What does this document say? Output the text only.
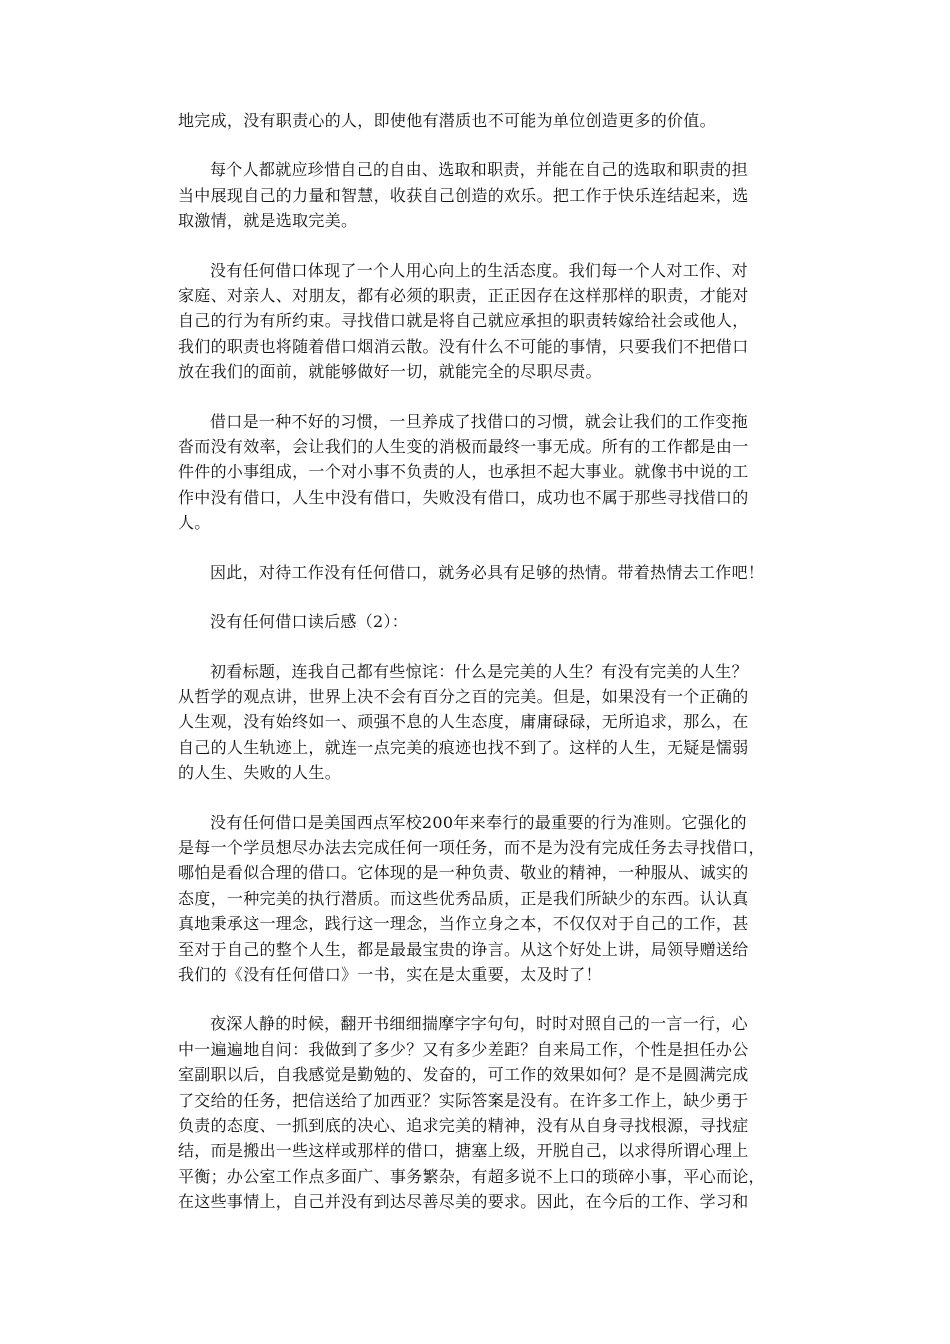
地完成，没有职责心的人，即使他有潜质也不可能为单位创造更多的价值。
每个人都就应珍惜自己的自由、选取和职责，并能在自己的选取和职责的担
当中展现自己的力量和智慧，收获自己创造的欢乐。把工作于快乐连结起来，选
取激情，就是选取完美。
没有任何借口体现了一个人用心向上的生活态度。我们每一个人对工作、对
家庭、对亲人、对朋友，都有必须的职责，正正因存在这样那样的职责，才能对
自己的行为有所约束。寻找借口就是将自己就应承担的职责转嫁给社会或他人，
我们的职责也将随着借口烟消云散。没有什么不可能的事情，只要我们不把借口
放在我们的面前，就能够做好一切，就能完全的尽职尽责。
借口是一种不好的习惯，一旦养成了找借口的习惯，就会让我们的工作变拖
沓而没有效率，会让我们的人生变的消极而最终一事无成。所有的工作都是由一
件件的小事组成，一个对小事不负责的人，也承担不起大事业。就像书中说的工
作中没有借口，人生中没有借口，失败没有借口，成功也不属于那些寻找借口的
人。
因此，对待工作没有任何借口，就务必具有足够的热情。带着热情去工作吧！
没有任何借口读后感（2）：
初看标题，连我自己都有些惊诧：什么是完美的人生？有没有完美的人生？
从哲学的观点讲，世界上决不会有百分之百的完美。但是，如果没有一个正确的
人生观，没有始终如一、顽强不息的人生态度，庸庸碌碌，无所追求，那么，在
自己的人生轨迹上，就连一点完美的痕迹也找不到了。这样的人生，无疑是懦弱
的人生、失败的人生。
没有任何借口是美国西点军校200年来奉行的最重要的行为准则。它强化的
是每一个学员想尽办法去完成任何一项任务，而不是为没有完成任务去寻找借口，
哪怕是看似合理的借口。它体现的是一种负责、敬业的精神，一种服从、诚实的
态度，一种完美的执行潜质。而这些优秀品质，正是我们所缺少的东西。认认真
真地秉承这一理念，践行这一理念，当作立身之本，不仅仅对于自己的工作，甚
至对于自己的整个人生，都是最最宝贵的诤言。从这个好处上讲，局领导赠送给
我们的《没有任何借口》一书，实在是太重要，太及时了！
夜深人静的时候，翻开书细细揣摩字字句句，时时对照自己的一言一行，心
中一遍遍地自问：我做到了多少？又有多少差距？自来局工作，个性是担任办公
室副职以后，自我感觉是勤勉的、发奋的，可工作的效果如何？是不是圆满完成
了交给的任务，把信送给了加西亚？实际答案是没有。在许多工作上，缺少勇于
负责的态度、一抓到底的决心、追求完美的精神，没有从自身寻找根源，寻找症
结，而是搬出一些这样或那样的借口，搪塞上级，开脱自己，以求得所谓心理上
平衡；办公室工作点多面广、事务繁杂，有超多说不上口的琐碎小事，平心而论，
在这些事情上，自己并没有到达尽善尽美的要求。因此，在今后的工作、学习和
